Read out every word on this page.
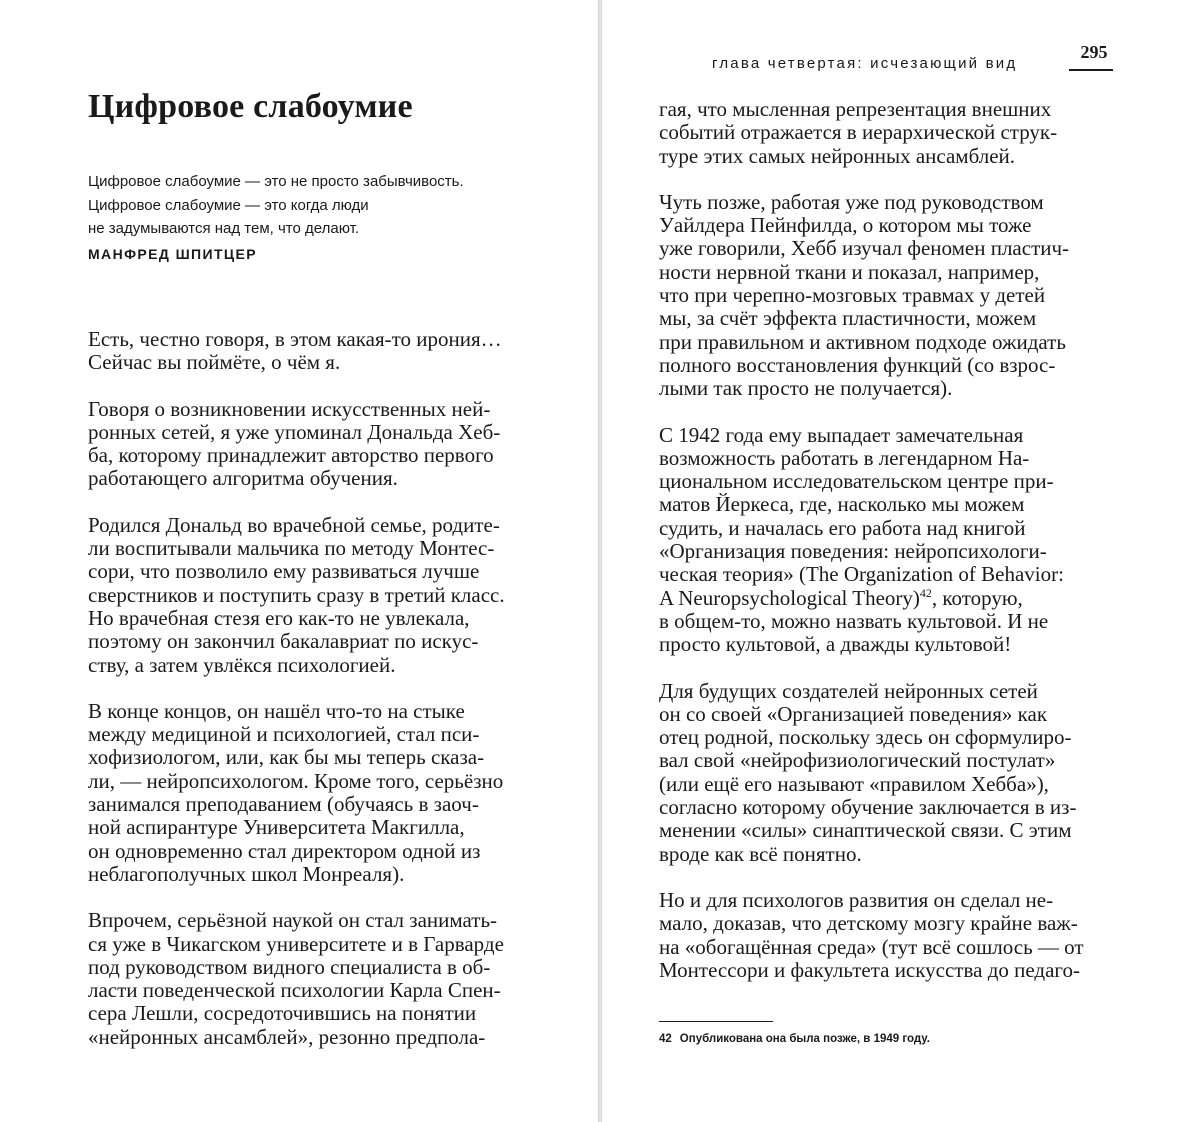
Цифровое слабоумие
Цифровое слабоумие — это не просто забывчивость.
Цифровое слабоумие — это когда люди
не задумываются над тем, что делают.
МАНФРЕД ШПИТЦЕР
Есть, честно говоря, в этом какая-то ирония…
Сейчас вы поймёте, о чём я.
Говоря о возникновении искусственных ней-
ронных сетей, я уже упоминал Дональда Хеб-
ба, которому принадлежит авторство первого
работающего алгоритма обучения.
Родился Дональд во врачебной семье, родите-
ли воспитывали мальчика по методу Монтес-
сори, что позволило ему развиваться лучше
сверстников и поступить сразу в третий класс.
Но врачебная стезя его как-то не увлекала,
поэтому он закончил бакалавриат по искус-
ству, а затем увлёкся психологией.
В конце концов, он нашёл что-то на стыке
между медициной и психологией, стал пси-
хофизиологом, или, как бы мы теперь сказа-
ли, — нейропсихологом. Кроме того, серьёзно
занимался преподаванием (обучаясь в заоч-
ной аспирантуре Университета Макгилла,
он одновременно стал директором одной из
неблагополучных школ Монреаля).
Впрочем, серьёзной наукой он стал занимать-
ся уже в Чикагском университете и в Гарварде
под руководством видного специалиста в об-
ласти поведенческой психологии Карла Спен-
сера Лешли, сосредоточившись на понятии
«нейронных ансамблей», резонно предпола-
глава четвертая: исчезающий вид
295
гая, что мысленная репрезентация внешних
событий отражается в иерархической струк-
туре этих самых нейронных ансамблей.
Чуть позже, работая уже под руководством
Уайлдера Пейнфилда, о котором мы тоже
уже говорили, Хебб изучал феномен пластич-
ности нервной ткани и показал, например,
что при черепно-мозговых травмах у детей
мы, за счёт эффекта пластичности, можем
при правильном и активном подходе ожидать
полного восстановления функций (со взрос-
лыми так просто не получается).
С 1942 года ему выпадает замечательная
возможность работать в легендарном На-
циональном исследовательском центре при-
матов Йеркеса, где, насколько мы можем
судить, и началась его работа над книгой
«Организация поведения: нейропсихологи-
ческая теория» (The Organization of Behavior:
A Neuropsychological Theory)$^{42}$, которую,
в общем-то, можно назвать культовой. И не
просто культовой, а дважды культовой!
Для будущих создателей нейронных сетей
он со своей «Организацией поведения» как
отец родной, поскольку здесь он сформулиро-
вал свой «нейрофизиологический постулат»
(или ещё его называют «правилом Хебба»),
согласно которому обучение заключается в из-
менении «силы» синаптической связи. С этим
вроде как всё понятно.
Но и для психологов развития он сделал не-
мало, доказав, что детскому мозгу крайне важ-
на «обогащённая среда» (тут всё сошлось — от
Монтессори и факультета искусства до педаго-
42 Опубликована она была позже, в 1949 году.
